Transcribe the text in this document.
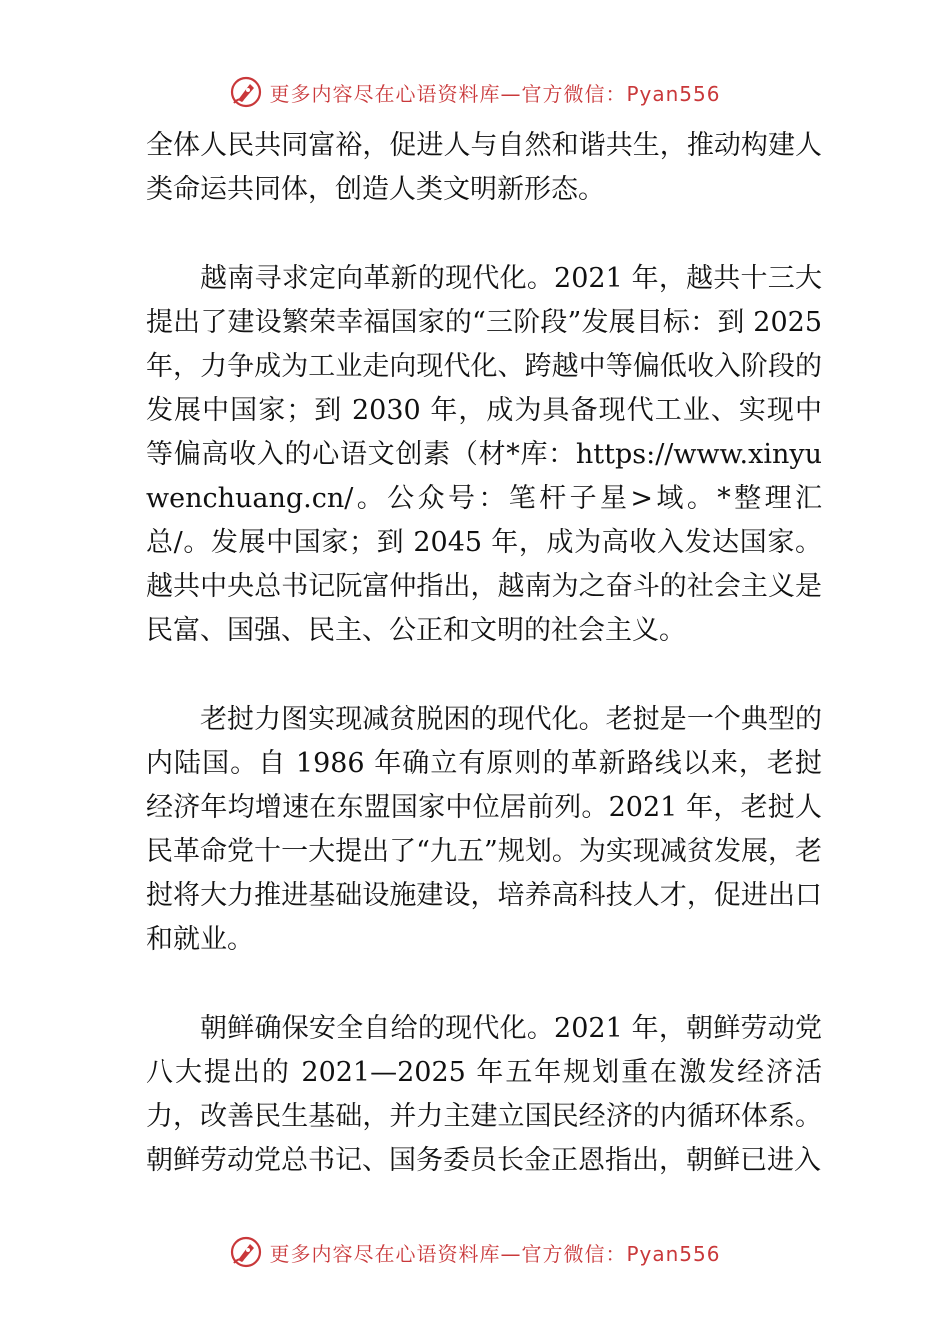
更多内容尽在心语资料库—官方微信：Pyan556

全体人民共同富裕，促进人与自然和谐共生，推动构建人类命运共同体，创造人类文明新形态。

越南寻求定向革新的现代化。2021 年，越共十三大提出了建设繁荣幸福国家的“三阶段”发展目标：到 2025 年，力争成为工业走向现代化、跨越中等偏低收入阶段的发展中国家；到 2030 年，成为具备现代工业、实现中等偏高收入的心语文创素（材*库：https://www.xinyuwenchuang.cn/。公众号：笔杆子星>域。*整理汇总/。发展中国家；到 2045 年，成为高收入发达国家。越共中央总书记阮富仲指出，越南为之奋斗的社会主义是民富、国强、民主、公正和文明的社会主义。

老挝力图实现减贫脱困的现代化。老挝是一个典型的内陆国。自 1986 年确立有原则的革新路线以来，老挝经济年均增速在东盟国家中位居前列。2021 年，老挝人民革命党十一大提出了“九五”规划。为实现减贫发展，老挝将大力推进基础设施建设，培养高科技人才，促进出口和就业。

朝鲜确保安全自给的现代化。2021 年，朝鲜劳动党八大提出的 2021—2025 年五年规划重在激发经济活力，改善民生基础，并力主建立国民经济的内循环体系。朝鲜劳动党总书记、国务委员长金正恩指出，朝鲜已进入

更多内容尽在心语资料库—官方微信：Pyan556
